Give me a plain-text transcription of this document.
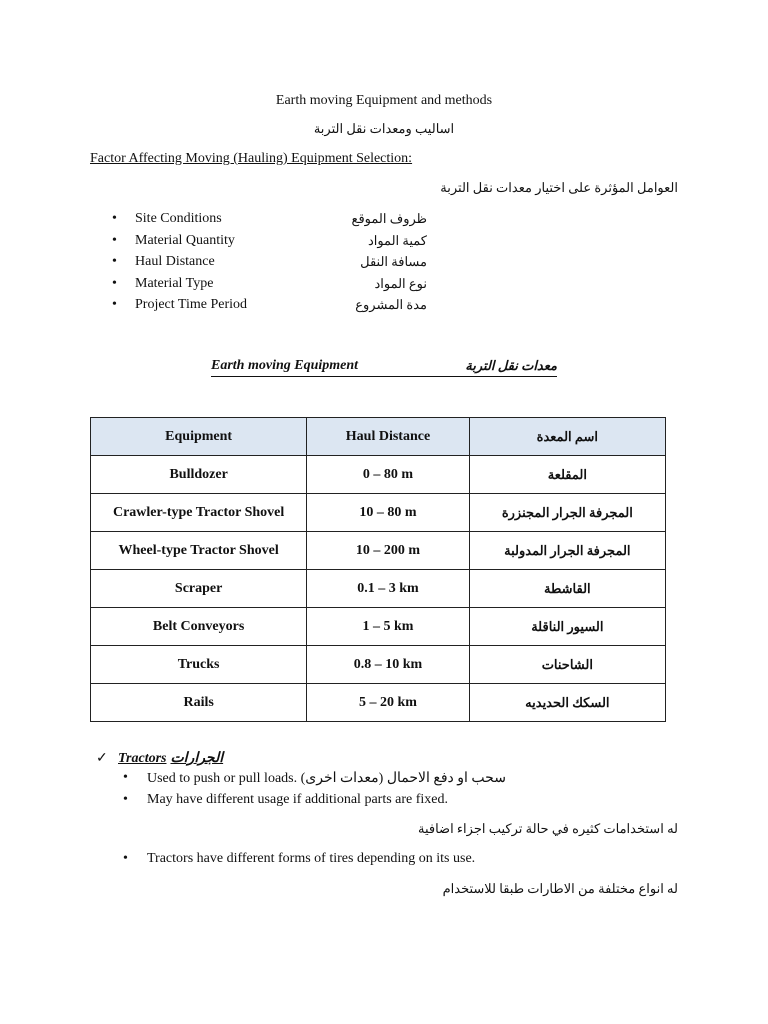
Earth moving Equipment and methods
اساليب ومعدات نقل التربة
Factor Affecting Moving (Hauling) Equipment Selection:
العوامل المؤثرة على اختيار معدات نقل التربة
• Site Conditions	ظروف الموقع
• Material Quantity	كمية المواد
• Haul Distance	مسافة النقل
• Material Type	نوع المواد
• Project Time Period	مدة المشروع
Earth moving Equipment	معدات نقل التربة
Equipment	Haul Distance	اسم المعدة
Bulldozer	0 – 80 m	المقلعة
Crawler-type Tractor Shovel	10 – 80 m	المجرفة الجرار المجنزرة
Wheel-type Tractor Shovel	10 – 200 m	المجرفة الجرار المدولبة
Scraper	0.1 – 3 km	القاشطة
Belt Conveyors	1 – 5 km	السيور الناقلة
Trucks	0.8 – 10 km	الشاحنات
Rails	5 – 20 km	السكك الحديديه
✓ Tractors الجرارات
• Used to push or pull loads. (سحب او دفع الاحمال (معدات اخرى
• May have different usage if additional parts are fixed.
له استخدامات كثيره في حالة تركيب اجزاء اضافية
• Tractors have different forms of tires depending on its use.
له انواع مختلفة من الاطارات طبقا للاستخدام
